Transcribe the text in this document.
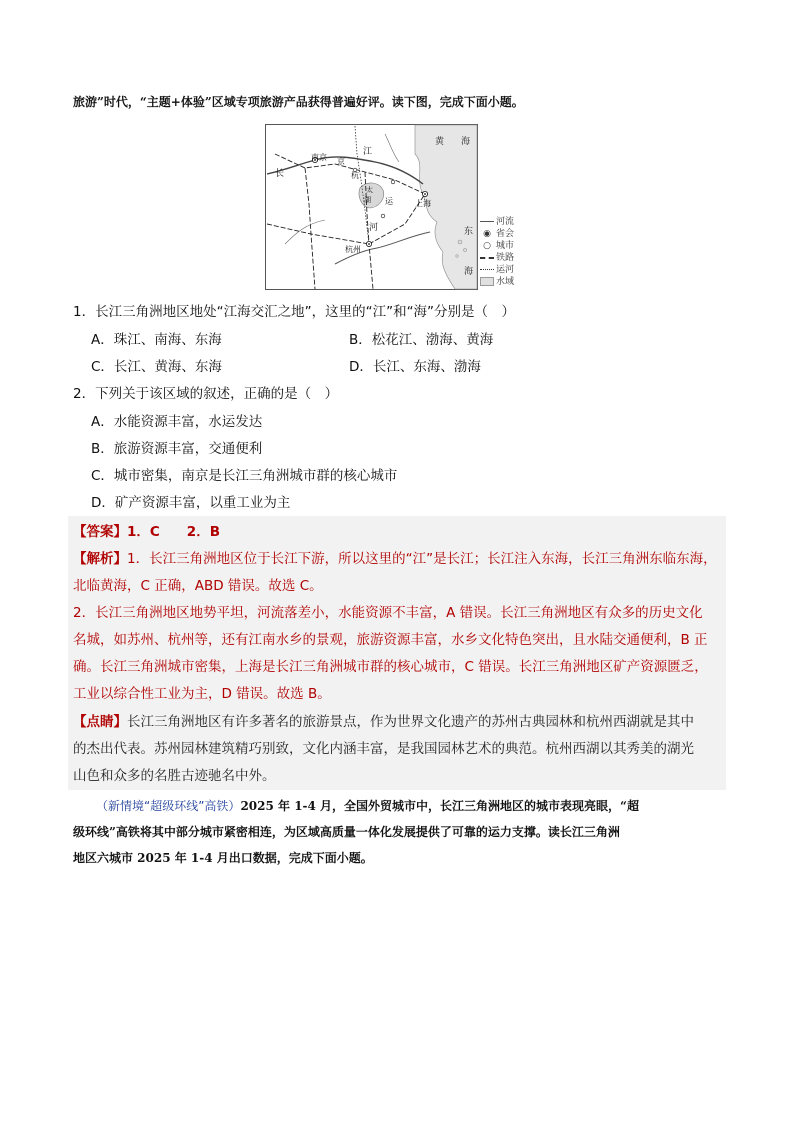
旅游”时代，“主题+体验”区域专项旅游产品获得普遍好评。读下图，完成下面小题。
黄 海
南京 京
江
长	杭
太
湖 运	上海
河
杭州
东
海
河流
◉ 省会
○ 城市
铁路
运河
水域
1．长江三角洲地区地处“江海交汇之地”，这里的“江”和“海”分别是（　）
A．珠江、南海、东海	B．松花江、渤海、黄海
C．长江、黄海、东海	D．长江、东海、渤海
2．下列关于该区域的叙述，正确的是（　）
A．水能资源丰富，水运发达
B．旅游资源丰富，交通便利
C．城市密集，南京是长江三角洲城市群的核心城市
D．矿产资源丰富，以重工业为主
【答案】1．C　　2．B
【解析】1．长江三角洲地区位于长江下游，所以这里的“江”是长江；长江注入东海，长江三角洲东临东海，
北临黄海，C 正确，ABD 错误。故选 C。
2．长江三角洲地区地势平坦，河流落差小，水能资源不丰富，A 错误。长江三角洲地区有众多的历史文化
名城，如苏州、杭州等，还有江南水乡的景观，旅游资源丰富，水乡文化特色突出，且水陆交通便利，B 正
确。长江三角洲城市密集，上海是长江三角洲城市群的核心城市，C 错误。长江三角洲地区矿产资源匮乏，
工业以综合性工业为主，D 错误。故选 B。
【点睛】长江三角洲地区有许多著名的旅游景点，作为世界文化遗产的苏州古典园林和杭州西湖就是其中
的杰出代表。苏州园林建筑精巧别致，文化内涵丰富，是我国园林艺术的典范。杭州西湖以其秀美的湖光
山色和众多的名胜古迹驰名中外。
（新情境“超级环线”高铁）2025 年 1-4 月，全国外贸城市中，长江三角洲地区的城市表现亮眼，“超
级环线”高铁将其中部分城市紧密相连，为区域高质量一体化发展提供了可靠的运力支撑。读长江三角洲
地区六城市 2025 年 1-4 月出口数据，完成下面小题。
